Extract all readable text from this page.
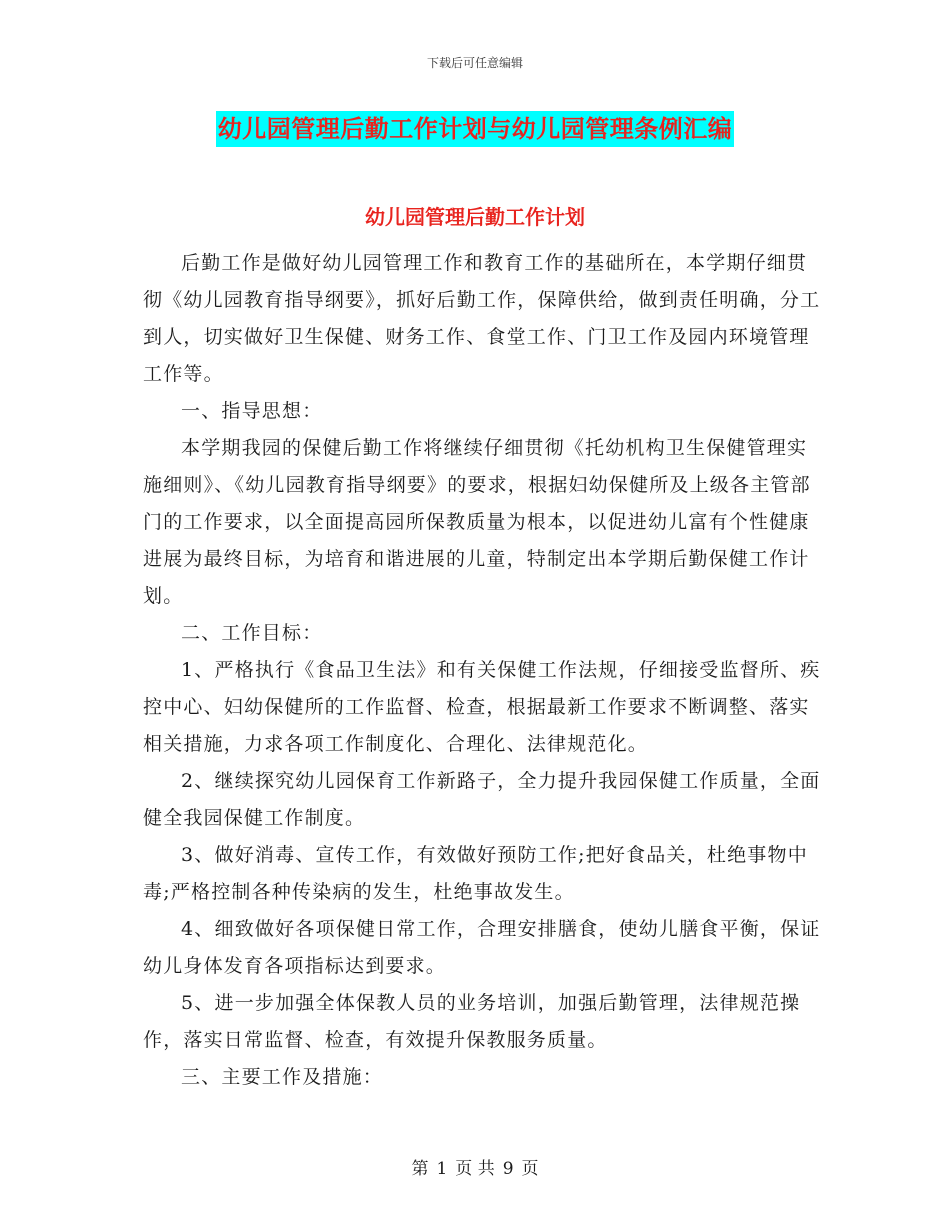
下载后可任意编辑
幼儿园管理后勤工作计划与幼儿园管理条例汇编
幼儿园管理后勤工作计划

后勤工作是做好幼儿园管理工作和教育工作的基础所在，本学期仔细贯彻《幼儿园教育指导纲要》，抓好后勤工作，保障供给，做到责任明确，分工到人，切实做好卫生保健、财务工作、食堂工作、门卫工作及园内环境管理工作等。

一、指导思想：

本学期我园的保健后勤工作将继续仔细贯彻《托幼机构卫生保健管理实施细则》、《幼儿园教育指导纲要》的要求，根据妇幼保健所及上级各主管部门的工作要求，以全面提高园所保教质量为根本，以促进幼儿富有个性健康进展为最终目标，为培育和谐进展的儿童，特制定出本学期后勤保健工作计划。

二、工作目标：

1、严格执行《食品卫生法》和有关保健工作法规，仔细接受监督所、疾控中心、妇幼保健所的工作监督、检查，根据最新工作要求不断调整、落实相关措施，力求各项工作制度化、合理化、法律规范化。

2、继续探究幼儿园保育工作新路子，全力提升我园保健工作质量，全面健全我园保健工作制度。

3、做好消毒、宣传工作，有效做好预防工作;把好食品关，杜绝事物中毒;严格控制各种传染病的发生，杜绝事故发生。

4、细致做好各项保健日常工作，合理安排膳食，使幼儿膳食平衡，保证幼儿身体发育各项指标达到要求。

5、进一步加强全体保教人员的业务培训，加强后勤管理，法律规范操作，落实日常监督、检查，有效提升保教服务质量。

三、主要工作及措施：

第 1 页 共 9 页
